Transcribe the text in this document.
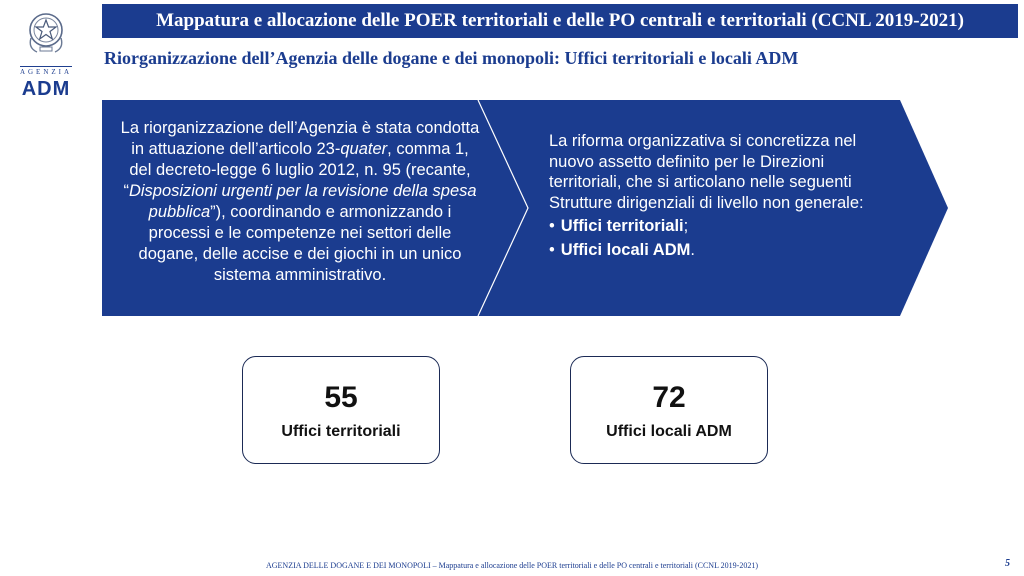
AGENZIA
ADM
Mappatura e allocazione delle POER territoriali e delle PO centrali e territoriali (CCNL 2019-2021)
Riorganizzazione dell’Agenzia delle dogane e dei monopoli: Uffici territoriali e locali ADM
La riorganizzazione dell’Agenzia è stata condotta in attuazione dell’articolo 23-quater, comma 1, del decreto-legge 6 luglio 2012, n. 95 (recante, “Disposizioni urgenti per la revisione della spesa pubblica”), coordinando e armonizzando i processi e le competenze nei settori delle dogane, delle accise e dei giochi in un unico sistema amministrativo.
La riforma organizzativa si concretizza nel nuovo assetto definito per le Direzioni territoriali, che si articolano nelle seguenti Strutture dirigenziali di livello non generale:
• Uffici territoriali;
• Uffici locali ADM.
55
Uffici territoriali
72
Uffici locali ADM
AGENZIA DELLE DOGANE E DEI MONOPOLI – Mappatura e allocazione delle POER territoriali e delle PO centrali e territoriali (CCNL 2019-2021)	5
